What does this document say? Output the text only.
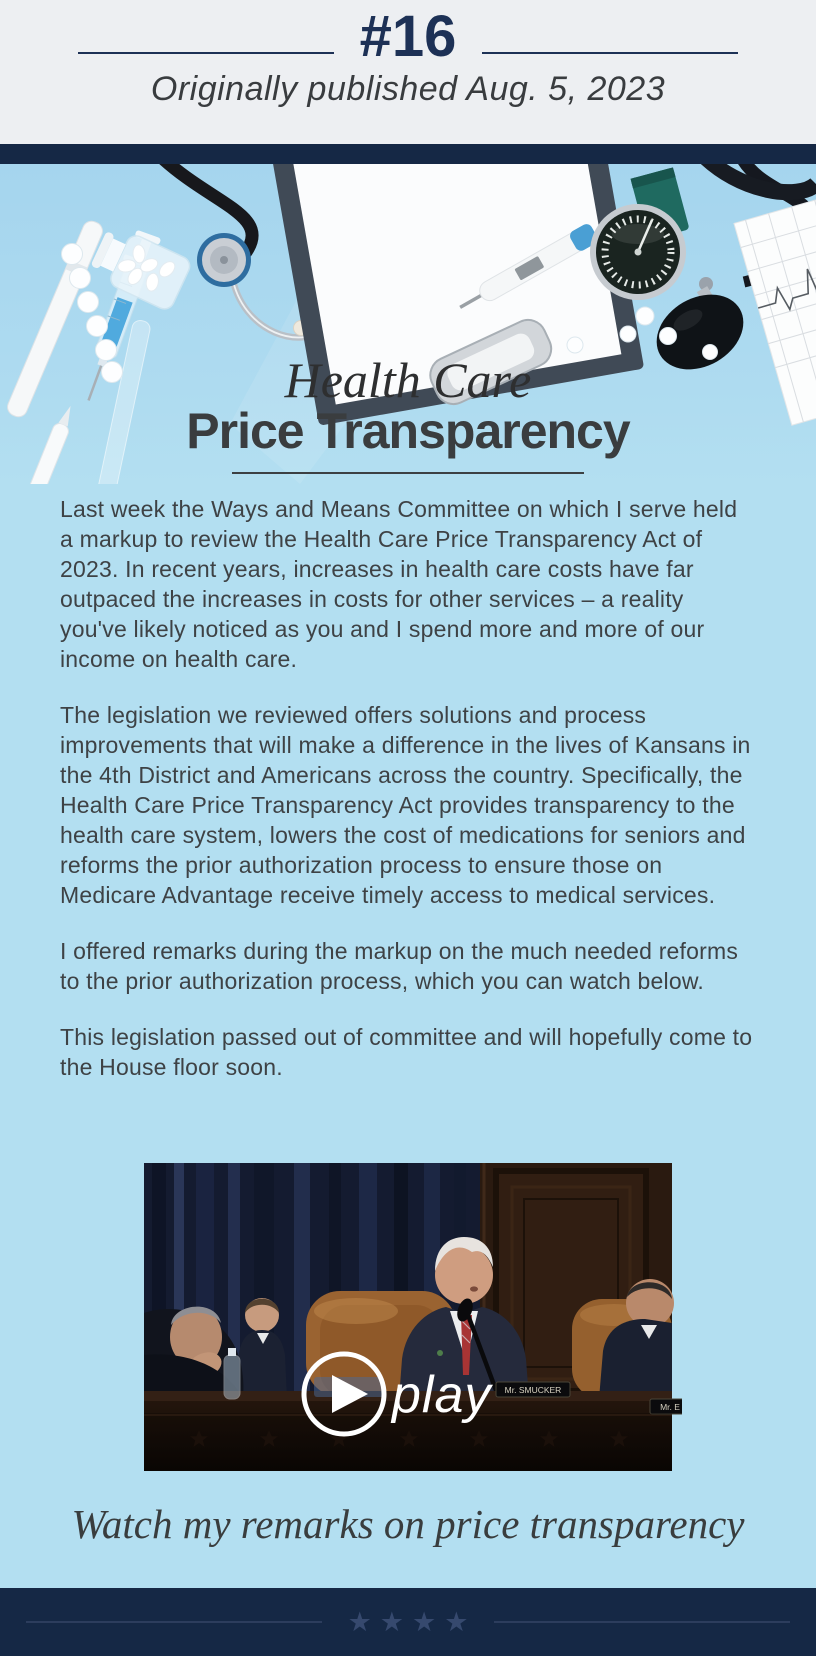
#16
Originally published Aug. 5, 2023
Health Care
Price Transparency

Last week the Ways and Means Committee on which I serve held a markup to review the Health Care Price Transparency Act of 2023. In recent years, increases in health care costs have far outpaced the increases in costs for other services – a reality you've likely noticed as you and I spend more and more of our income on health care.

The legislation we reviewed offers solutions and process improvements that will make a difference in the lives of Kansans in the 4th District and Americans across the country. Specifically, the Health Care Price Transparency Act provides transparency to the health care system, lowers the cost of medications for seniors and reforms the prior authorization process to ensure those on Medicare Advantage receive timely access to medical services.

I offered remarks during the markup on the much needed reforms to the prior authorization process, which you can watch below.

This legislation passed out of committee and will hopefully come to the House floor soon.

Mr. SMUCKER
Mr. E
play
Watch my remarks on price transparency
★ ★ ★ ★
